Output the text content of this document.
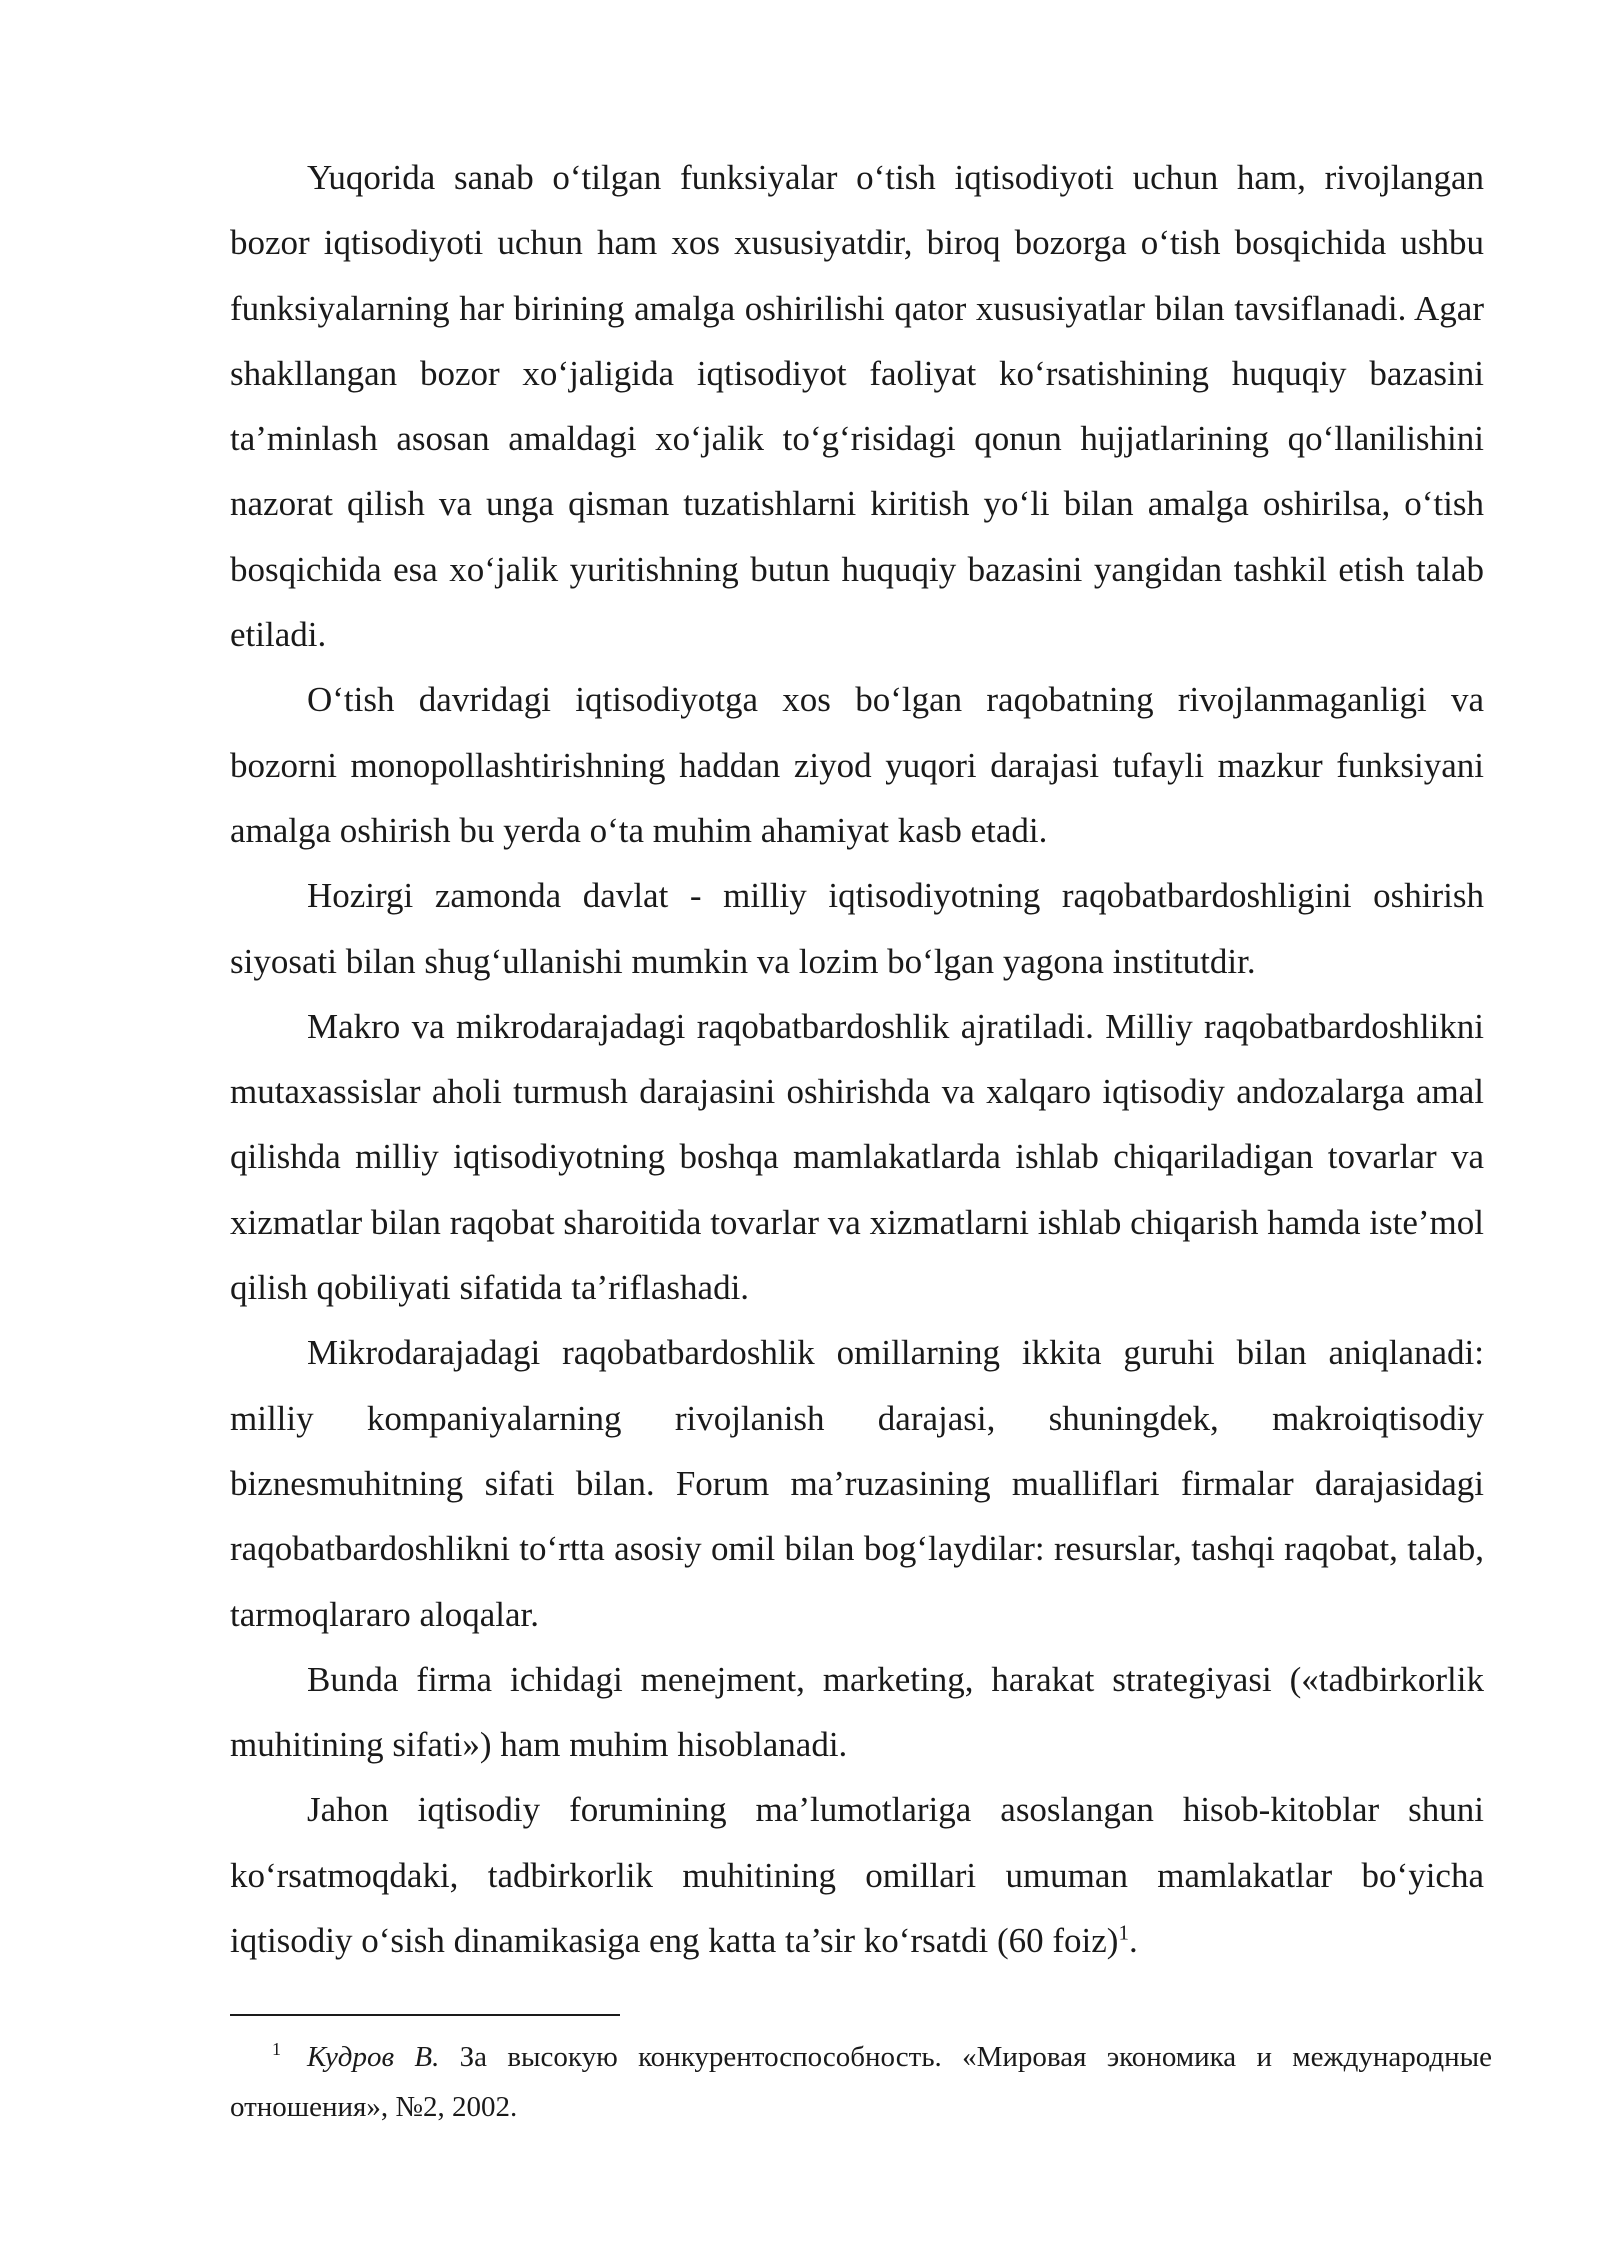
Yuqorida sanab o‘tilgan funksiyalar o‘tish iqtisodiyoti uchun ham, rivojlangan bozor iqtisodiyoti uchun ham xos xususiyatdir, biroq bozorga o‘tish bosqichida ushbu funksiyalarning har birining amalga oshirilishi qator xususiyatlar bilan tavsiflanadi. Agar shakllangan bozor xo‘jaligida iqtisodiyot faoliyat ko‘rsatishining huquqiy bazasini ta’minlash asosan amaldagi xo‘jalik to‘g‘risidagi qonun hujjatlarining qo‘llanilishini nazorat qilish va unga qisman tuzatishlarni kiritish yo‘li bilan amalga oshirilsa, o‘tish bosqichida esa xo‘jalik yuritishning butun huquqiy bazasini yangidan tashkil etish talab etiladi.

O‘tish davridagi iqtisodiyotga xos bo‘lgan raqobatning rivojlanmaganligi va bozorni monopollashtirishning haddan ziyod yuqori darajasi tufayli mazkur funksiyani amalga oshirish bu yerda o‘ta muhim ahamiyat kasb etadi.

Hozirgi zamonda davlat - milliy iqtisodiyotning raqobatbardoshligini oshirish siyosati bilan shug‘ullanishi mumkin va lozim bo‘lgan yagona institutdir.

Makro va mikrodarajadagi raqobatbardoshlik ajratiladi. Milliy raqobatbardoshlikni mutaxassislar aholi turmush darajasini oshirishda va xalqaro iqtisodiy andozalarga amal qilishda milliy iqtisodiyotning boshqa mamlakatlarda ishlab chiqariladigan tovarlar va xizmatlar bilan raqobat sharoitida tovarlar va xizmatlarni ishlab chiqarish hamda iste’mol qilish qobiliyati sifatida ta’riflashadi.

Mikrodarajadagi raqobatbardoshlik omillarning ikkita guruhi bilan aniqlanadi: milliy kompaniyalarning rivojlanish darajasi, shuningdek, makroiqtisodiy biznesmuhitning sifati bilan. Forum ma’ruzasining mualliflari firmalar darajasidagi raqobatbardoshlikni to‘rtta asosiy omil bilan bog‘laydilar: resurslar, tashqi raqobat, talab, tarmoqlararo aloqalar.

Bunda firma ichidagi menejment, marketing, harakat strategiyasi («tadbirkorlik muhitining sifati») ham muhim hisoblanadi.

Jahon iqtisodiy forumining ma’lumotlariga asoslangan hisob-kitoblar shuni ko‘rsatmoqdaki, tadbirkorlik muhitining omillari umuman mamlakatlar bo‘yicha iqtisodiy o‘sish dinamikasiga eng katta ta’sir ko‘rsatdi (60 foiz)$^1$.

$^1$ Кудров В. За высокую конкурентоспособность. «Мировая экономика и международные отношения», №2, 2002.
